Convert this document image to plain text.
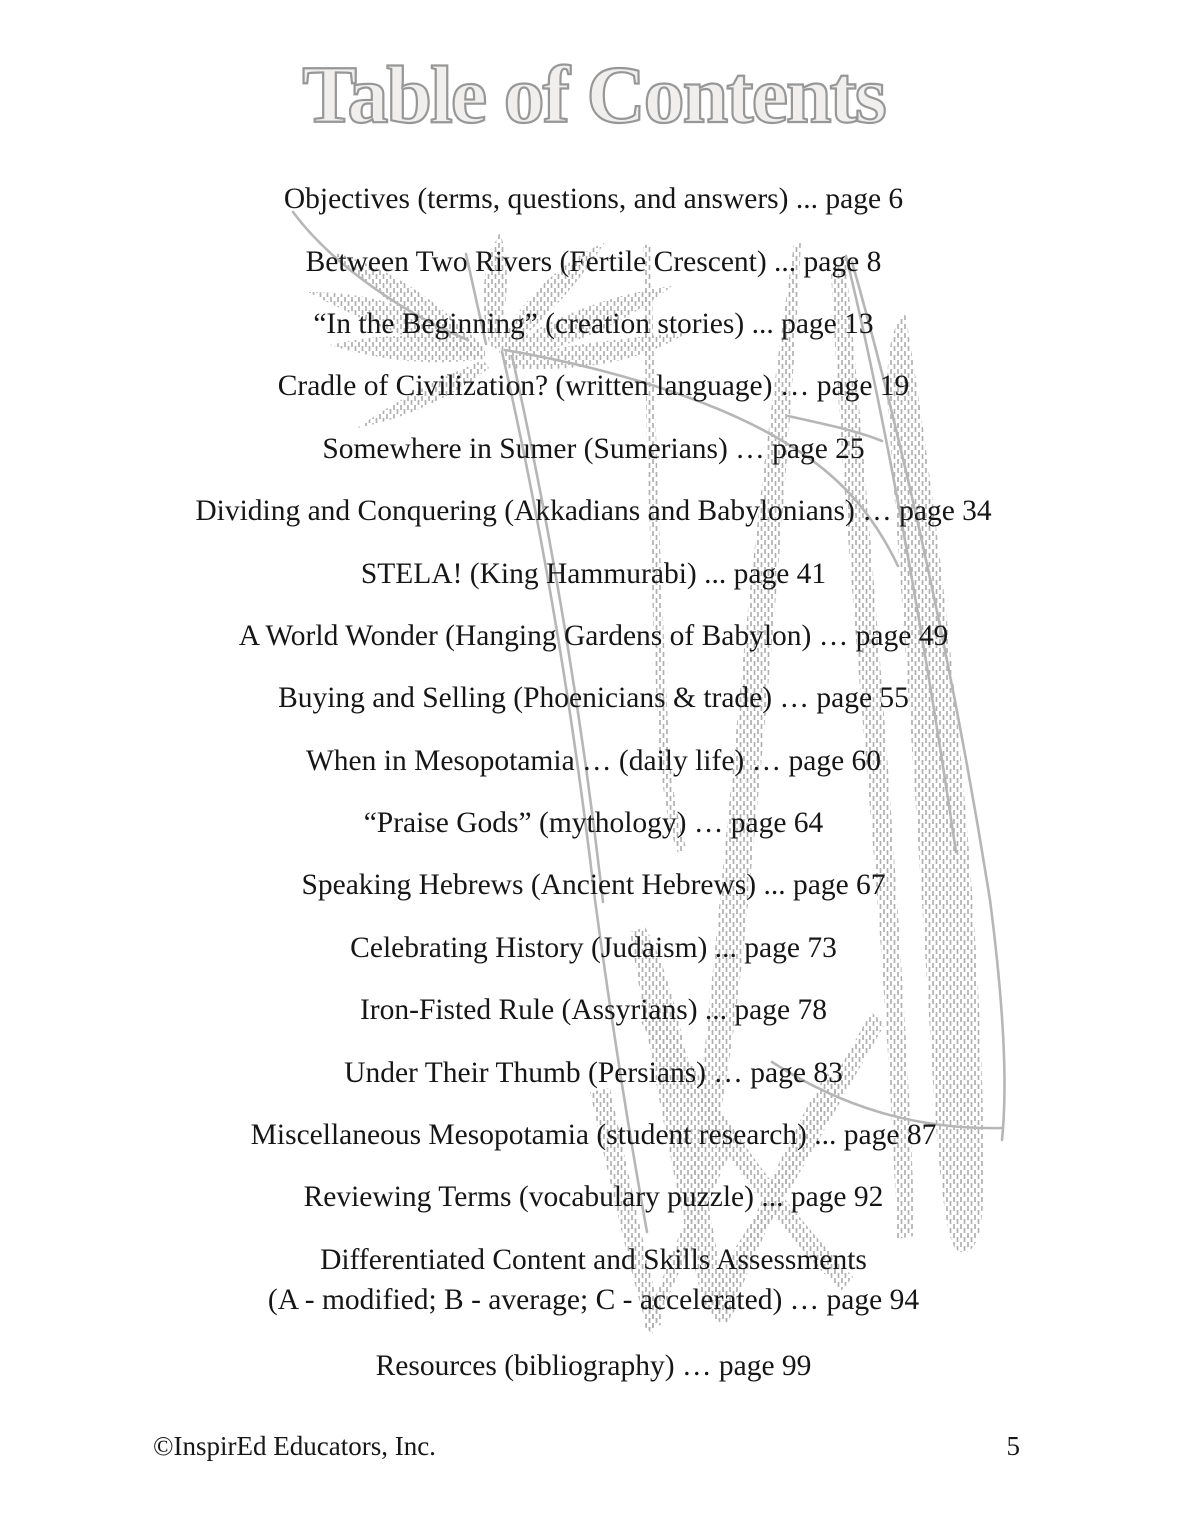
Table of Contents
Objectives (terms, questions, and answers) ... page 6
Between Two Rivers (Fertile Crescent) ... page 8
“In the Beginning” (creation stories) ... page 13
Cradle of Civilization? (written language) … page 19
Somewhere in Sumer (Sumerians) … page 25
Dividing and Conquering (Akkadians and Babylonians) … page 34
STELA! (King Hammurabi) ... page 41
A World Wonder (Hanging Gardens of Babylon) … page 49
Buying and Selling (Phoenicians & trade) … page 55
When in Mesopotamia … (daily life) … page 60
“Praise Gods” (mythology) … page 64
Speaking Hebrews (Ancient Hebrews) ... page 67
Celebrating History (Judaism) ... page 73
Iron-Fisted Rule (Assyrians) ... page 78
Under Their Thumb (Persians) … page 83
Miscellaneous Mesopotamia (student research) ... page 87
Reviewing Terms (vocabulary puzzle) ... page 92
Differentiated Content and Skills Assessments
(A - modified; B - average; C - accelerated) … page 94
Resources (bibliography) … page 99
©InspirEd Educators, Inc.	5
